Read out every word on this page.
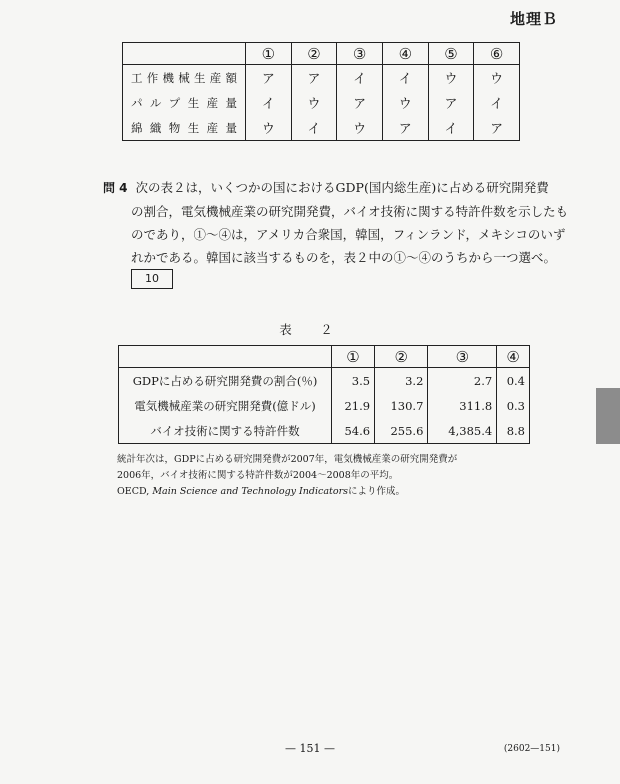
地理Ｂ
	①	②	③	④	⑤	⑥
工作機械生産額	ア	ア	イ	イ	ウ	ウ
パルプ生産量	イ	ウ	ア	ウ	ア	イ
綿織物生産量	ウ	イ	ウ	ア	イ	ア
問 4 次の表２は，いくつかの国におけるGDP(国内総生産)に占める研究開発費
の割合，電気機械産業の研究開発費，バイオ技術に関する特許件数を示したも
のであり，①～④は，アメリカ合衆国，韓国，フィンランド，メキシコのいず
れかである。韓国に該当するものを，表２中の①～④のうちから一つ選べ。
10
表　２
	①	②	③	④
GDPに占める研究開発費の割合(％)	3.5	3.2	2.7	0.4
電気機械産業の研究開発費(億ドル)	21.9	130.7	311.8	0.3
バイオ技術に関する特許件数	54.6	255.6	4,385.4	8.8
統計年次は，GDPに占める研究開発費が2007年，電気機械産業の研究開発費が
2006年，バイオ技術に関する特許件数が2004～2008年の平均。
OECD, Main Science and Technology Indicatorsにより作成。
— 151 —	(2602—151)
